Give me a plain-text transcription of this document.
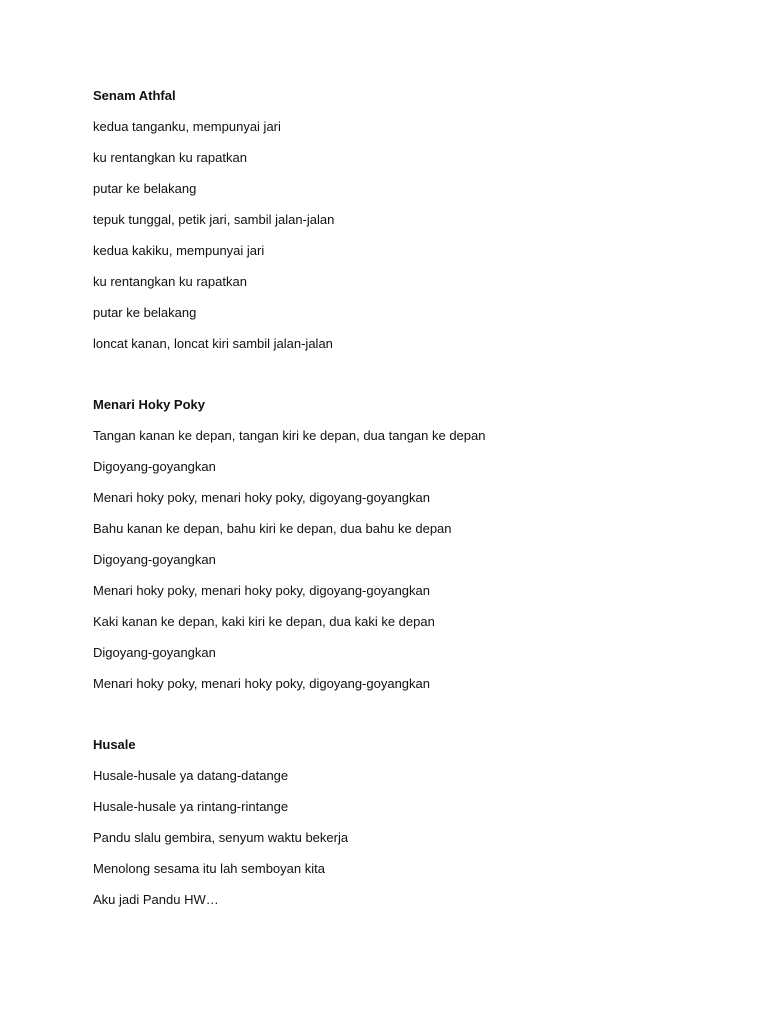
Senam Athfal
kedua tanganku, mempunyai jari
ku rentangkan ku rapatkan
putar ke belakang
tepuk tunggal, petik jari, sambil jalan-jalan
kedua kakiku, mempunyai jari
ku rentangkan ku rapatkan
putar ke belakang
loncat kanan, loncat kiri sambil jalan-jalan
Menari Hoky Poky
Tangan kanan ke depan, tangan kiri ke depan, dua tangan ke depan
Digoyang-goyangkan
Menari hoky poky, menari hoky poky, digoyang-goyangkan
Bahu kanan ke depan, bahu kiri ke depan, dua bahu ke depan
Digoyang-goyangkan
Menari hoky poky, menari hoky poky, digoyang-goyangkan
Kaki kanan ke depan, kaki kiri ke depan, dua kaki ke depan
Digoyang-goyangkan
Menari hoky poky, menari hoky poky, digoyang-goyangkan
Husale
Husale-husale ya datang-datange
Husale-husale ya rintang-rintange
Pandu slalu gembira, senyum waktu bekerja
Menolong sesama itu lah semboyan kita
Aku jadi Pandu HW…
